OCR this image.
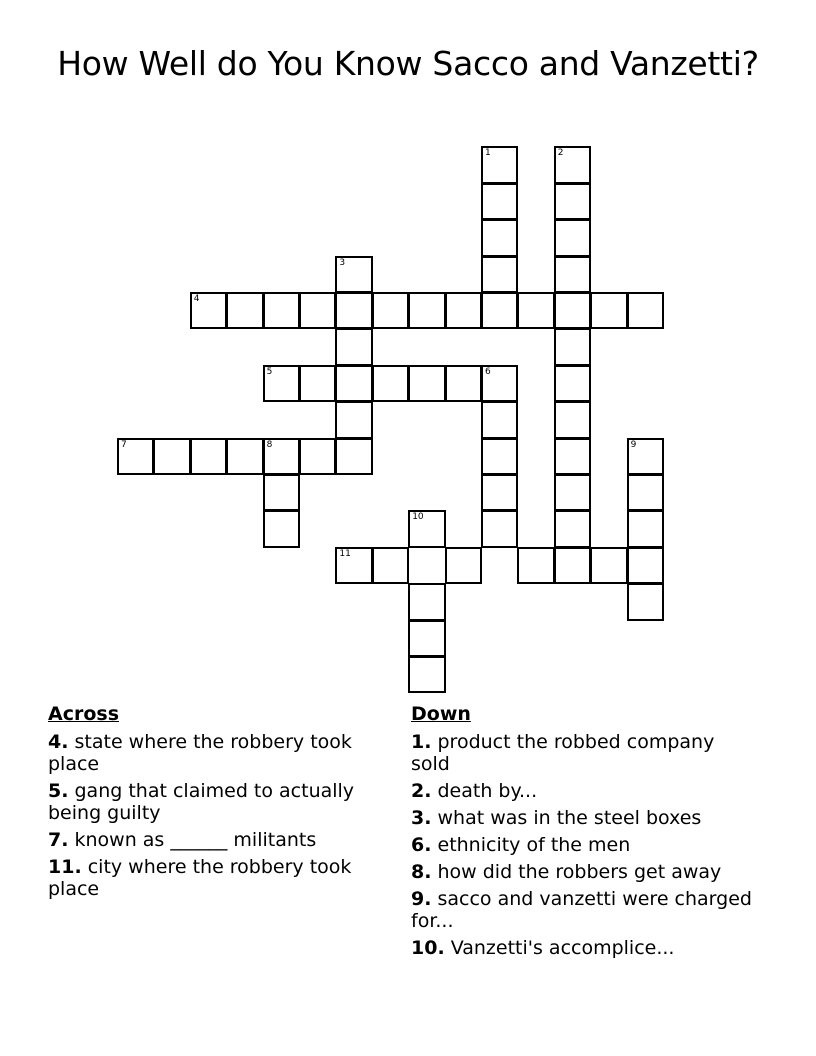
How Well do You Know Sacco and Vanzetti?
1	2
3
4
5	6
7	8	9
10
11
Across
4. state where the robbery took place
5. gang that claimed to actually being guilty
7. known as ______ militants
11. city where the robbery took place
Down
1. product the robbed company sold
2. death by...
3. what was in the steel boxes
6. ethnicity of the men
8. how did the robbers get away
9. sacco and vanzetti were charged for...
10. Vanzetti's accomplice...
